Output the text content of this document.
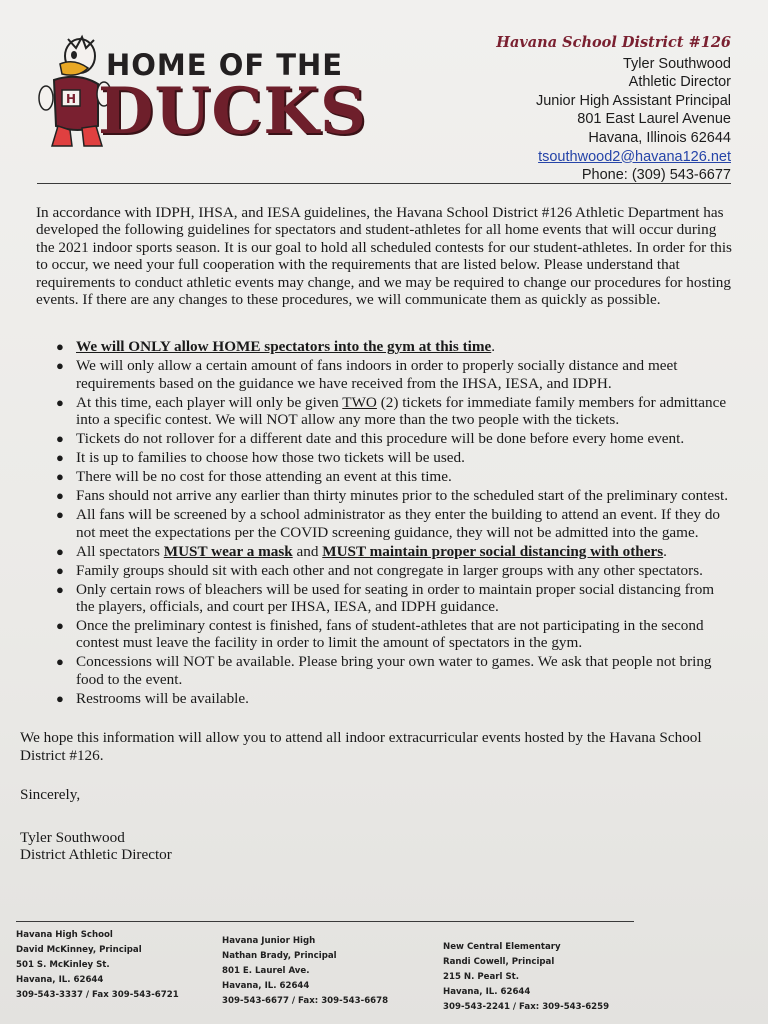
H
HOME OF THE
DUCKS
Havana School District #126
Tyler Southwood
Athletic Director
Junior High Assistant Principal
801 East Laurel Avenue
Havana, Illinois 62644
tsouthwood2@havana126.net
Phone: (309) 543-6677

In accordance with IDPH, IHSA, and IESA guidelines, the Havana School District #126 Athletic Department has developed the following guidelines for spectators and student-athletes for all home events that will occur during the 2021 indoor sports season. It is our goal to hold all scheduled contests for our student-athletes. In order for this to occur, we need your full cooperation with the requirements that are listed below. Please understand that requirements to conduct athletic events may change, and we may be required to change our procedures for hosting events. If there are any changes to these procedures, we will communicate them as quickly as possible.

● We will ONLY allow HOME spectators into the gym at this time.
● We will only allow a certain amount of fans indoors in order to properly socially distance and meet requirements based on the guidance we have received from the IHSA, IESA, and IDPH.
● At this time, each player will only be given TWO (2) tickets for immediate family members for admittance into a specific contest. We will NOT allow any more than the two people with the tickets.
● Tickets do not rollover for a different date and this procedure will be done before every home event.
● It is up to families to choose how those two tickets will be used.
● There will be no cost for those attending an event at this time.
● Fans should not arrive any earlier than thirty minutes prior to the scheduled start of the preliminary contest.
● All fans will be screened by a school administrator as they enter the building to attend an event. If they do not meet the expectations per the COVID screening guidance, they will not be admitted into the game.
● All spectators MUST wear a mask and MUST maintain proper social distancing with others.
● Family groups should sit with each other and not congregate in larger groups with any other spectators.
● Only certain rows of bleachers will be used for seating in order to maintain proper social distancing from the players, officials, and court per IHSA, IESA, and IDPH guidance.
● Once the preliminary contest is finished, fans of student-athletes that are not participating in the second contest must leave the facility in order to limit the amount of spectators in the gym.
● Concessions will NOT be available. Please bring your own water to games. We ask that people not bring food to the event.
● Restrooms will be available.

We hope this information will allow you to attend all indoor extracurricular events hosted by the Havana School District #126.

Sincerely,

Tyler Southwood
District Athletic Director
Havana High School
David McKinney, Principal
501 S. McKinley St.
Havana, IL. 62644
309-543-3337 / Fax 309-543-6721
Havana Junior High
Nathan Brady, Principal
801 E. Laurel Ave.
Havana, IL. 62644
309-543-6677 / Fax: 309-543-6678
New Central Elementary
Randi Cowell, Principal
215 N. Pearl St.
Havana, IL. 62644
309-543-2241 / Fax: 309-543-6259
